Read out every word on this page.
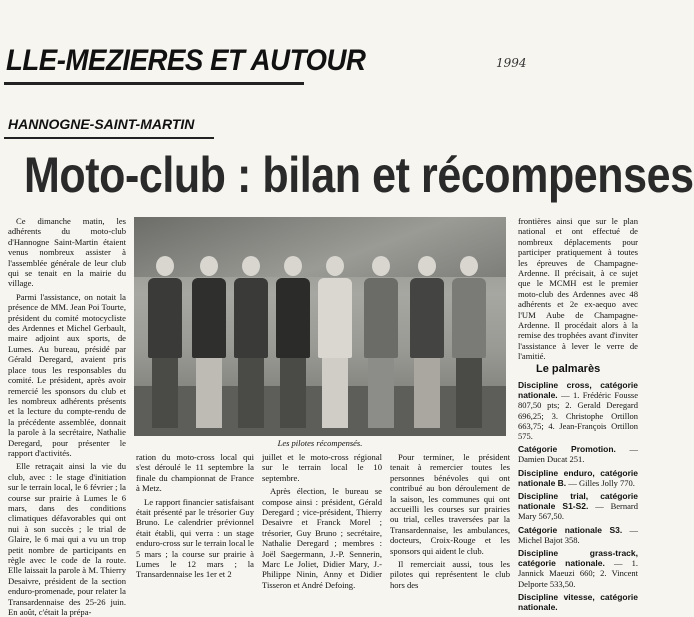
LLE-MEZIERES ET AUTOUR	1994
HANNOGNE-SAINT-MARTIN
Moto-club : bilan et récompenses

Ce dimanche matin, les adhérents du moto-club d'Hannogne Saint-Martin étaient venus nombreux assister à l'assemblée générale de leur club qui se tenait en la mairie du village.

Parmi l'assistance, on notait la présence de MM. Jean Poi Tourte, président du comité motocycliste des Ardennes et Michel Gerbault, maire adjoint aux sports, de Lumes. Au bureau, présidé par Gérald Deregard, avaient pris place tous les responsables du comité. Le président, après avoir remercié les sponsors du club et les nombreux adhérents présents et la lecture du compte-rendu de la précédente assemblée, donnait la parole à la secrétaire, Nathalie Deregard, pour présenter le rapport d'activités.

Elle retraçait ainsi la vie du club, avec : le stage d'initiation sur le terrain local, le 6 février ; la course sur prairie à Lumes le 6 mars, dans des conditions climatiques défavorables qui ont nui à son succès ; le trial de Glaire, le 6 mai qui a vu un trop petit nombre de participants en règle avec le code de la route. Elle laissait la parole à M. Thierry Desaivre, président de la section enduro-promenade, pour relater la Transardennaise des 25-26 juin. En août, c'était la prépa-

Les pilotes récompensés.

ration du moto-cross local qui s'est déroulé le 11 septembre la finale du championnat de France à Metz.

Le rapport financier satisfaisant était présenté par le trésorier Guy Bruno. Le calendrier prévionnel était établi, qui verra : un stage enduro-cross sur le terrain local le 5 mars ; la course sur prairie à Lumes le 12 mars ; la Transardennaise les 1er et 2

juillet et le moto-cross régional sur le terrain local le 10 septembre.

Après élection, le bureau se compose ainsi : président, Gérald Deregard ; vice-président, Thierry Desaivre et Franck Morel ; trésorier, Guy Bruno ; secrétaire, Nathalie Deregard ; membres : Joël Saegermann, J.-P. Sennerin, Marc Le Joliet, Didier Mary, J.-Philippe Ninin, Anny et Didier Tisseron et André Defoing.

Pour terminer, le président tenait à remercier toutes les personnes bénévoles qui ont contribué au bon déroulement de la saison, les communes qui ont accueilli les courses sur prairies ou trial, celles traversées par la Transardennaise, les ambulances, docteurs, Croix-Rouge et les sponsors qui aident le club.

Il remerciait aussi, tous les pilotes qui représentent le club hors des

frontières ainsi que sur le plan national et ont effectué de nombreux déplacements pour participer pratiquement à toutes les épreuves de Champagne-Ardenne. Il précisait, à ce sujet que le MCMH est le premier moto-club des Ardennes avec 48 adhérents et 2e ex-aequo avec l'UM Aube de Champagne-Ardenne. Il procédait alors à la remise des trophées avant d'inviter l'assistance à lever le verre de l'amitié.

Le palmarès
Discipline cross, catégorie nationale. — 1. Frédéric Fousse 807,50 pts; 2. Gerald Deregard 696,25; 3. Christophe Ortillon 663,75; 4. Jean-François Ortillon 575.
Catégorie Promotion. — Damien Ducat 251.
Discipline enduro, catégorie nationale B. — Gilles Jolly 770.
Discipline trial, catégorie nationale S1-S2. — Bernard Mary 567,50.
Catégorie nationale S3. — Michel Bajot 358.
Discipline grass-track, catégorie nationale. — 1. Jannick Maeuzi 660; 2. Vincent Delporte 533,50.
Discipline vitesse, catégorie nationale.
